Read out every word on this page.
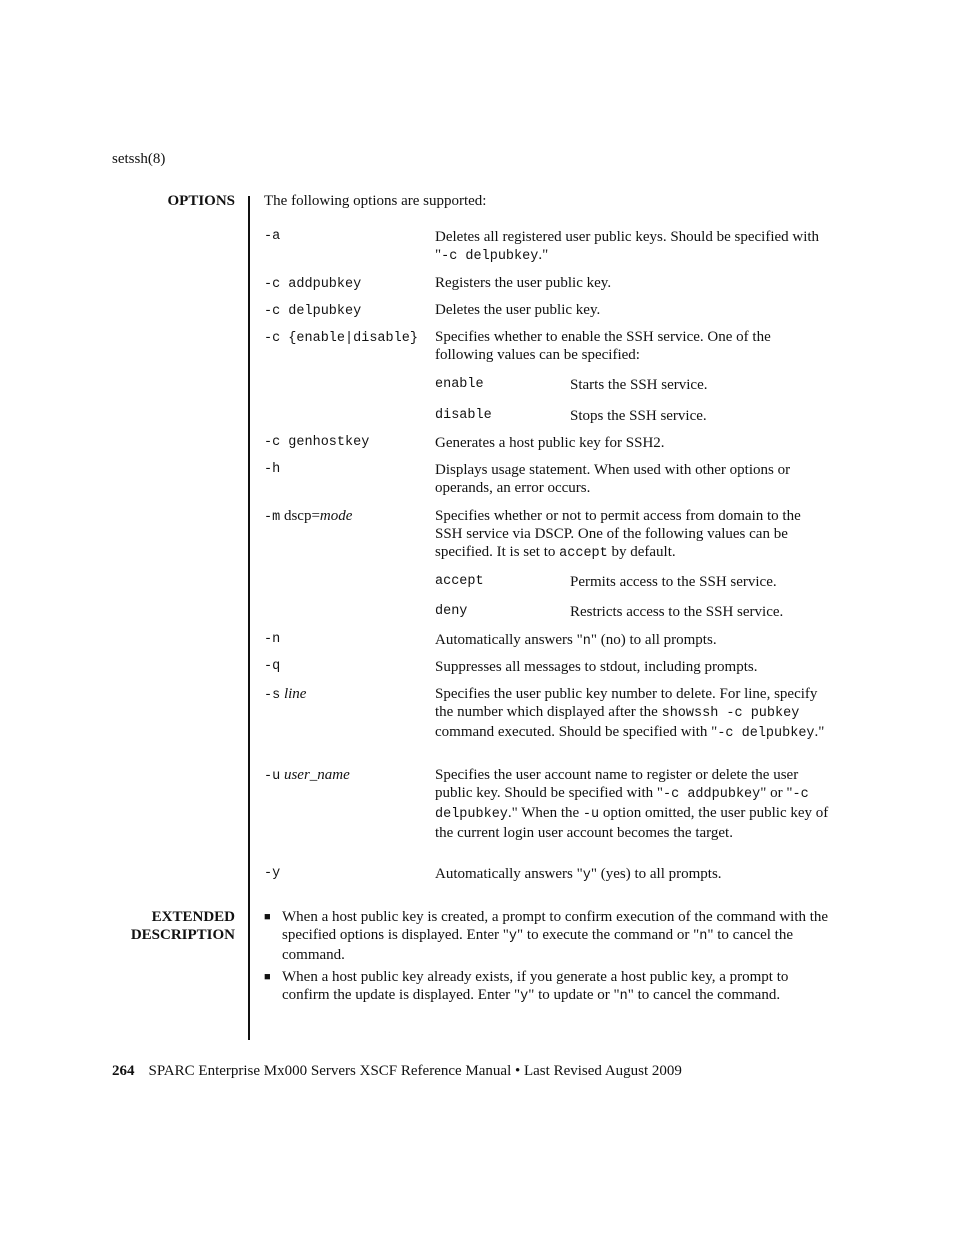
setssh(8)
OPTIONS The following options are supported:
-a	Deletes all registered user public keys. Should be specified with "-c delpubkey."
-c addpubkey	Registers the user public key.
-c delpubkey	Deletes the user public key.
-c {enable|disable}	Specifies whether to enable the SSH service. One of the following values can be specified:
enable	Starts the SSH service.
disable	Stops the SSH service.
-c genhostkey	Generates a host public key for SSH2.
-h	Displays usage statement. When used with other options or operands, an error occurs.
-m dscp=mode	Specifies whether or not to permit access from domain to the SSH service via DSCP. One of the following values can be specified. It is set to accept by default.
accept	Permits access to the SSH service.
deny	Restricts access to the SSH service.
-n	Automatically answers "n" (no) to all prompts.
-q	Suppresses all messages to stdout, including prompts.
-s line	Specifies the user public key number to delete. For line, specify the number which displayed after the showssh -c pubkey command executed. Should be specified with "-c delpubkey."
-u user_name	Specifies the user account name to register or delete the user public key. Should be specified with "-c addpubkey" or "-c delpubkey." When the -u option omitted, the user public key of the current login user account becomes the target.
-y	Automatically answers "y" (yes) to all prompts.
EXTENDED
DESCRIPTION
■ When a host public key is created, a prompt to confirm execution of the command with the specified options is displayed. Enter "y" to execute the command or "n" to cancel the command.
■ When a host public key already exists, if you generate a host public key, a prompt to confirm the update is displayed. Enter "y" to update or "n" to cancel the command.
264 SPARC Enterprise Mx000 Servers XSCF Reference Manual • Last Revised August 2009
